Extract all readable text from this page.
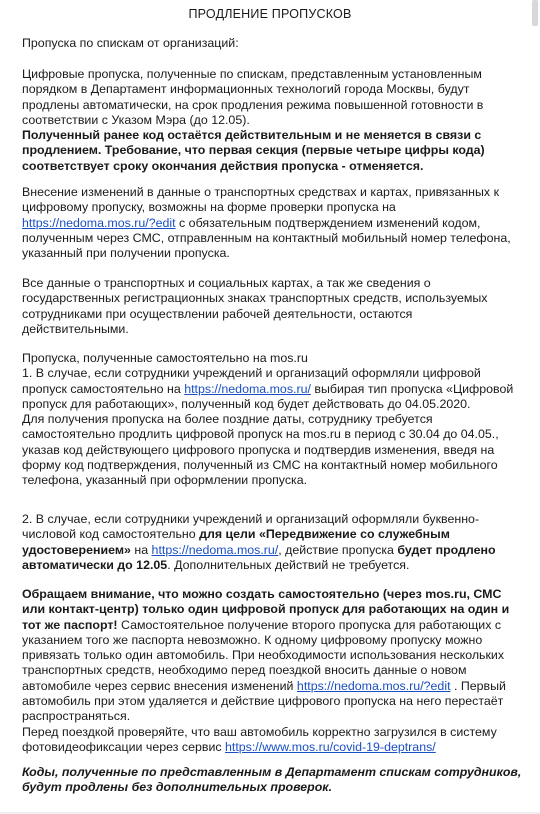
ПРОДЛЕНИЕ ПРОПУСКОВ

Пропуска по спискам от организаций:

Цифровые пропуска, полученные по спискам, представленным установленным порядком в Департамент информационных технологий города Москвы, будут продлены автоматически, на срок продления режима повышенной готовности в соответствии с Указом Мэра (до 12.05).

Полученный ранее код остаётся действительным и не меняется в связи с продлением. Требование, что первая секция (первые четыре цифры кода) соответствует сроку окончания действия пропуска - отменяется.

Внесение изменений в данные о транспортных средствах и картах, привязанных к цифровому пропуску, возможны на форме проверки пропуска на https://nedoma.mos.ru/?edit с обязательным подтверждением изменений кодом, полученным через СМС, отправленным на контактный мобильный номер телефона, указанный при получении пропуска.

Все данные о транспортных и социальных картах, а так же сведения о государственных регистрационных знаках транспортных средств, используемых сотрудниками при осуществлении рабочей деятельности, остаются действительными.

Пропуска, полученные самостоятельно на mos.ru

1. В случае, если сотрудники учреждений и организаций оформляли цифровой пропуск самостоятельно на https://nedoma.mos.ru/ выбирая тип пропуска «Цифровой пропуск для работающих», полученный код будет действовать до 04.05.2020.

Для получения пропуска на более поздние даты, сотруднику требуется самостоятельно продлить цифровой пропуск на mos.ru в период с 30.04 до 04.05., указав код действующего цифрового пропуска и подтвердив изменения, введя на форму код подтверждения, полученный из СМС на контактный номер мобильного телефона, указанный при оформлении пропуска.

2. В случае, если сотрудники учреждений и организаций оформляли буквенно-числовой код самостоятельно для цели «Передвижение со служебным удостоверением» на https://nedoma.mos.ru/, действие пропуска будет продлено автоматически до 12.05. Дополнительных действий не требуется.

Обращаем внимание, что можно создать самостоятельно (через mos.ru, СМС или контакт-центр) только один цифровой пропуск для работающих на один и тот же паспорт! Самостоятельное получение второго пропуска для работающих с указанием того же паспорта невозможно. К одному цифровому пропуску можно привязать только один автомобиль. При необходимости использования нескольких транспортных средств, необходимо перед поездкой вносить данные о новом автомобиле через сервис внесения изменений https://nedoma.mos.ru/?edit . Первый автомобиль при этом удаляется и действие цифрового пропуска на него перестаёт распространяться.

Перед поездкой проверяйте, что ваш автомобиль корректно загрузился в систему фотовидеофиксации через сервис https://www.mos.ru/covid-19-deptrans/

Коды, полученные по представленным в Департамент спискам сотрудников, будут продлены без дополнительных проверок.
